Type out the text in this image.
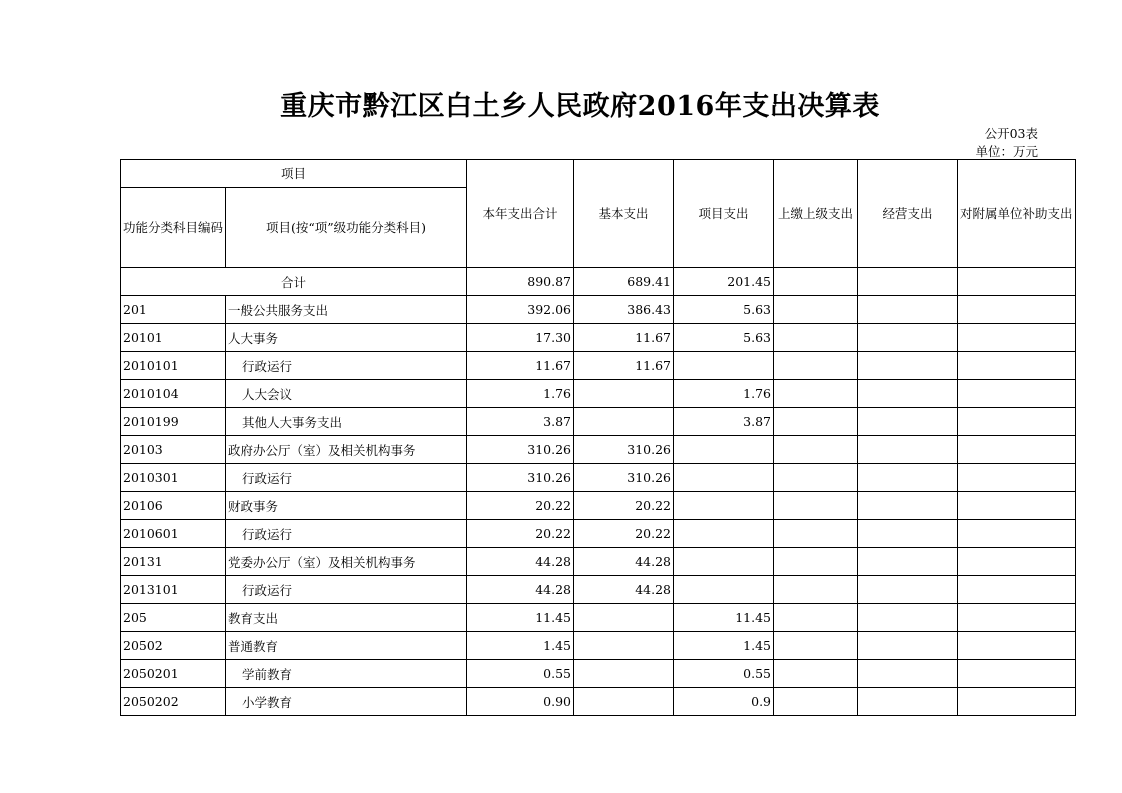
重庆市黔江区白土乡人民政府2016年支出决算表
公开03表
单位：万元
项目		本年支出合计	基本支出	项目支出	上缴上级支出	经营支出	对附属单位补助支出
功能分类科目编码	项目(按“项”级功能分类科目)						
合计		890.87	689.41	201.45			
201	一般公共服务支出	392.06	386.43	5.63			
20101	人大事务	17.30	11.67	5.63			
2010101	行政运行	11.67	11.67				
2010104	人大会议	1.76		1.76			
2010199	其他人大事务支出	3.87		3.87			
20103	政府办公厅（室）及相关机构事务	310.26	310.26				
2010301	行政运行	310.26	310.26				
20106	财政事务	20.22	20.22				
2010601	行政运行	20.22	20.22				
20131	党委办公厅（室）及相关机构事务	44.28	44.28				
2013101	行政运行	44.28	44.28				
205	教育支出	11.45		11.45			
20502	普通教育	1.45		1.45			
2050201	学前教育	0.55		0.55			
2050202	小学教育	0.90		0.9			
